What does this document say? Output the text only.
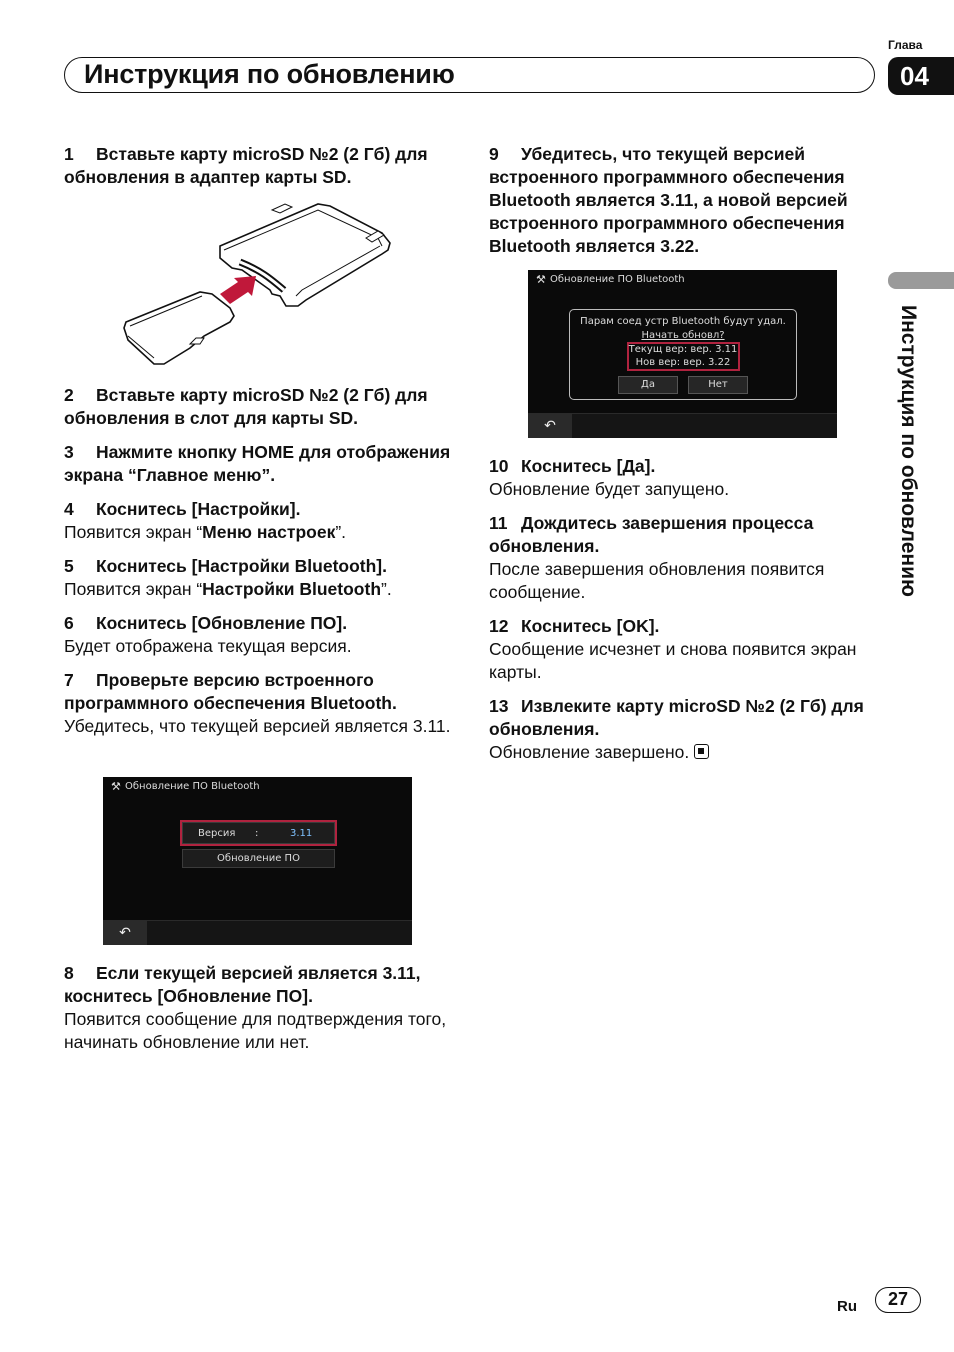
Глава
04
Инструкция по обновлению
Инструкция по обновлению
1 Вставьте карту microSD №2 (2 Гб) для обновления в адаптер карты SD.
2 Вставьте карту microSD №2 (2 Гб) для обновления в слот для карты SD.
3 Нажмите кнопку HOME для отображения экрана “Главное меню”.
4 Коснитесь [Настройки].
Появится экран “Меню настроек”.
5 Коснитесь [Настройки Bluetooth].
Появится экран “Настройки Bluetooth”.
6 Коснитесь [Обновление ПО].
Будет отображена текущая версия.
7 Проверьте версию встроенного программного обеспечения Bluetooth.
Убедитесь, что текущей версией является 3.11.
⚒ Обновление ПО Bluetooth
Версия :	3.11
Обновление ПО
↶
8 Если текущей версией является 3.11, коснитесь [Обновление ПО].
Появится сообщение для подтверждения того, начинать обновление или нет.
9 Убедитесь, что текущей версией встроенного программного обеспечения Bluetooth является 3.11, а новой версией встроенного программного обеспечения Bluetooth является 3.22.
⚒ Обновление ПО Bluetooth
Парам соед устр Bluetooth будут удал.
Начать обновл?
Текущ вер: вер. 3.11
Нов вер: вер. 3.22
Да	Нет
↶
10 Коснитесь [Да].
Обновление будет запущено.
11 Дождитесь завершения процесса обновления.
После завершения обновления появится сообщение.
12 Коснитесь [OK].
Сообщение исчезнет и снова появится экран карты.
13 Извлеките карту microSD №2 (2 Гб) для обновления.
Обновление завершено.
Ru	27
